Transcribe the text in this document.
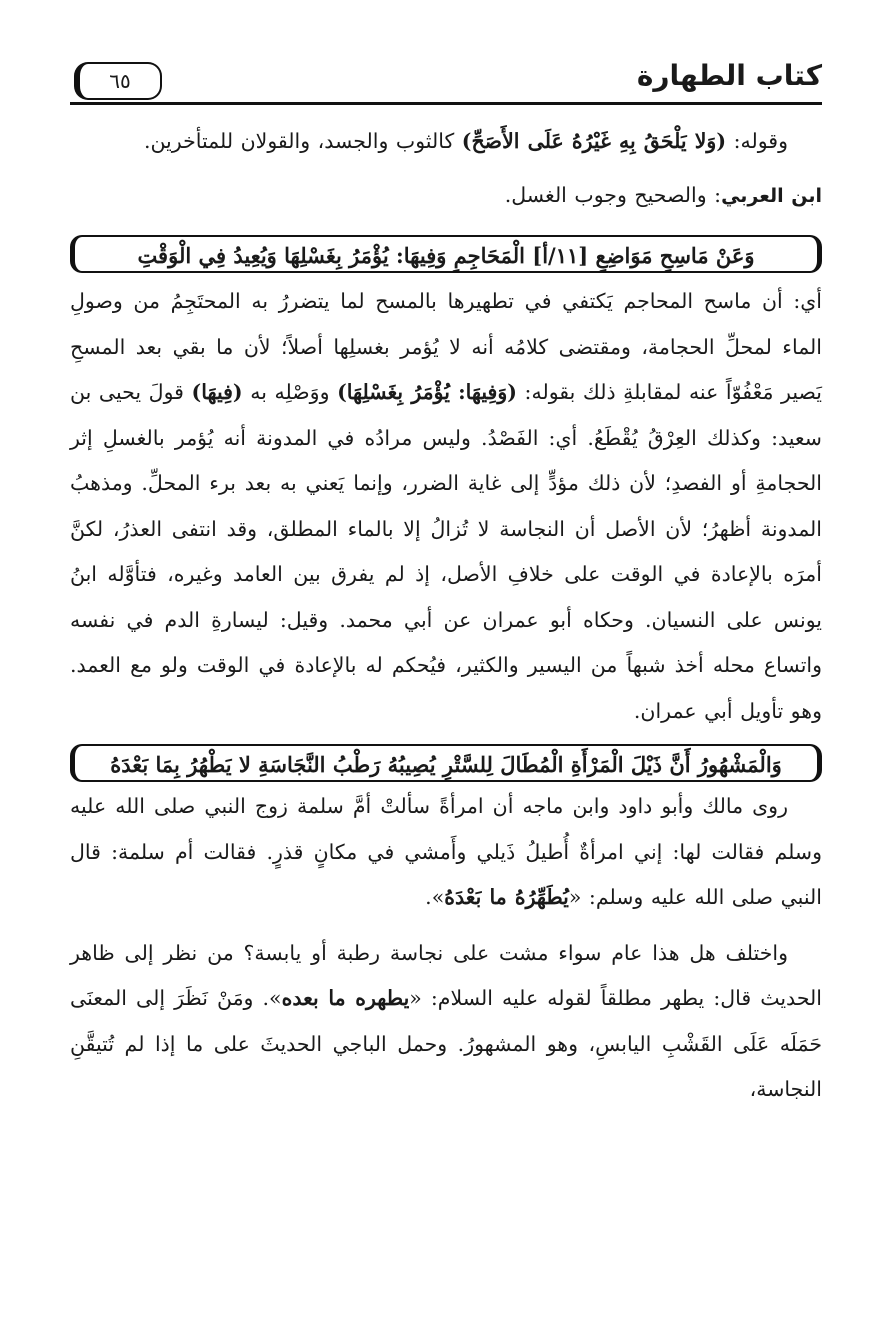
كتاب الطهارة
٦٥

وقوله: (وَلا يَلْحَقُ بِهِ غَيْرُهُ عَلَى الأَصَحِّ) كالثوب والجسد، والقولان للمتأخرين.

ابن العربي: والصحيح وجوب الغسل.

وَعَنْ مَاسِحِ مَوَاضِعِ [١١/أ] الْمَحَاجِمِ وَفِيهَا: يُؤْمَرُ بِغَسْلِهَا وَيُعِيدُ فِي الْوَقْتِ

أي: أن ماسح المحاجم يَكتفي في تطهيرها بالمسح لما يتضررُ به المحتَجِمُ من وصولِ الماء لمحلِّ الحجامة، ومقتضى كلامُه أنه لا يُؤمر بغسلِها أصلاً؛ لأن ما بقي بعد المسحِ يَصير مَعْفُوّاً عنه لمقابلةِ ذلك بقوله: (وَفِيهَا: يُؤْمَرُ بِغَسْلِهَا) ووَصْلِه به (فِيهَا) قولَ يحيى بن سعيد: وكذلك العِرْقُ يُقْطَعُ. أي: الفَصْدُ. وليس مرادُه في المدونة أنه يُؤمر بالغسلِ إثر الحجامةِ أو الفصدِ؛ لأن ذلك مؤدٍّ إلى غاية الضرر، وإنما يَعني به بعد برء المحلِّ. ومذهبُ المدونة أظهرُ؛ لأن الأصل أن النجاسة لا تُزالُ إلا بالماء المطلق، وقد انتفى العذرُ، لكنَّ أمرَه بالإعادة في الوقت على خلافِ الأصل، إذ لم يفرق بين العامد وغيره، فتأوَّله ابنُ يونس على النسيان. وحكاه أبو عمران عن أبي محمد. وقيل: ليسارةِ الدم في نفسه واتساع محله أخذ شبهاً من اليسير والكثير، فيُحكم له بالإعادة في الوقت ولو مع العمد. وهو تأويل أبي عمران.

وَالْمَشْهُورُ أَنَّ ذَيْلَ الْمَرْأَةِ الْمُطَالَ لِلسَّتْرِ يُصِيبُهُ رَطْبُ النَّجَاسَةِ لا يَطْهُرُ بِمَا بَعْدَهُ

روى مالك وأبو داود وابن ماجه أن امرأةً سألتْ أمَّ سلمة زوج النبي صلى الله عليه وسلم فقالت لها: إني امرأةٌ أُطيلُ ذَيلي وأَمشي في مكانٍ قذرٍ. فقالت أم سلمة: قال النبي صلى الله عليه وسلم: «يُطَهِّرُهُ ما بَعْدَهُ».

واختلف هل هذا عام سواء مشت على نجاسة رطبة أو يابسة؟ من نظر إلى ظاهر الحديث قال: يطهر مطلقاً لقوله عليه السلام: «يطهره ما بعده». ومَنْ نَظَرَ إلى المعنَى حَمَلَه عَلَى القَشْبِ اليابسِ، وهو المشهورُ. وحمل الباجي الحديثَ على ما إذا لم تُتيقَّنِ النجاسة،
